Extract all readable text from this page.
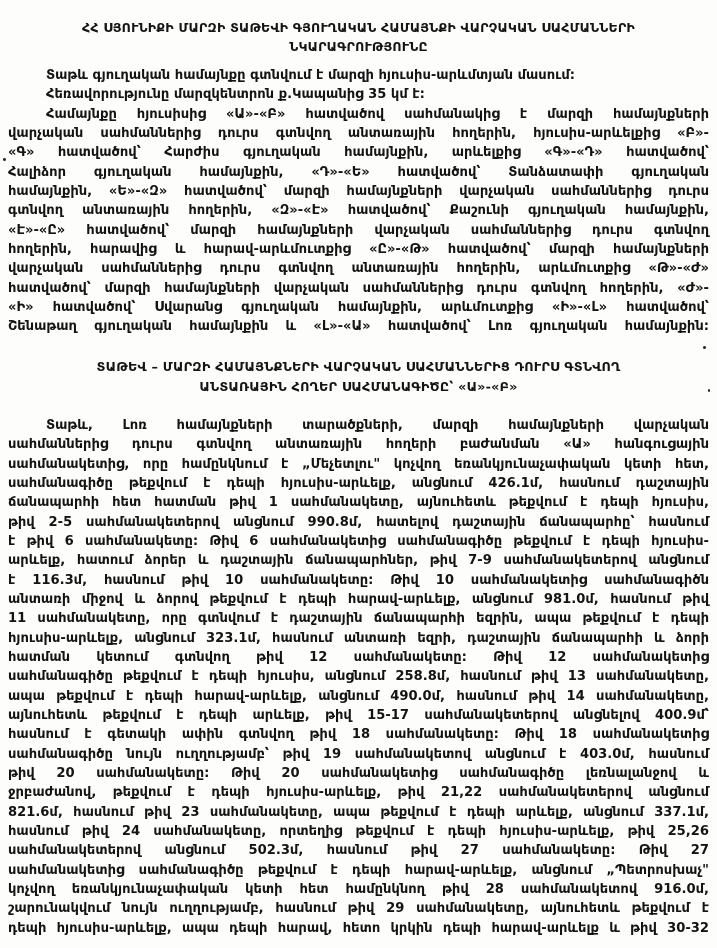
ՀՀ ՍՅՈՒՆԻՔԻ ՄԱՐԶԻ ՏԱԹԵՎԻ ԳՅՈՒՂԱԿԱՆ ՀԱՄԱՅՆՔԻ ՎԱՐՉԱԿԱՆ ՍԱՀՄԱՆՆԵՐԻ
ՆԿԱՐԱԳՐՈՒԹՅՈՒՆԸ
Տաթև գյուղական համայնքը գտնվում է մարզի հյուսիս-արևմտյան մասում:
Հեռավորությունը մարզկենտրոն ք.Կապանից 35 կմ է:
Համայնքը հյուսիսից «Ա»-«Բ» հատվածով սահմանակից է մարզի համայնքների
վարչական սահմաններից դուրս գտնվող անտառային հողերին, հյուսիս-արևելքից «Բ»-
«Գ» հատվածով՝ Հարժիս գյուղական համայնքին, արևելքից «Գ»-«Դ» հատվածով՝
Հալիձոր գյուղական համայնքին, «Դ»-«Ե» հատվածով՝ Տանձատափի գյուղական
համայնքին, «Ե»-«Զ» հատվածով՝ մարզի համայնքների վարչական սահմաններից դուրս
գտնվող անտառային հողերին, «Զ»-«Է» հատվածով՝ Քաշունի գյուղական համայնքին,
«Է»-«Ը» հատվածով՝ մարզի համայնքների վարչական սահմաններից դուրս գտնվող
հողերին, հարավից և հարավ-արևմուտքից «Ը»-«Թ» հատվածով՝ մարզի համայնքների
վարչական սահմաններից դուրս գտնվող անտառային հողերին, արևմուտքից «Թ»-«Ժ»
հատվածով՝ մարզի համայնքների վարչական սահմաններից դուրս գտնվող հողերին, «Ժ»-
«Ի» հատվածով՝ Սվարանց գյուղական համայնքին, արևմուտքից «Ի»-«Լ» հատվածով՝
Շենաթաղ գյուղական համայնքին և «Լ»-«Ա» հատվածով՝ Լոռ գյուղական համայնքին:
ՏԱԹԵՎ – ՄԱՐԶԻ ՀԱՄԱՅՆՔՆԵՐԻ ՎԱՐՉԱԿԱՆ ՍԱՀՄԱՆՆԵՐԻՑ ԴՈՒՐՍ ԳՏՆՎՈՂ
ԱՆՏԱՌԱՅԻՆ ՀՈՂԵՐ ՍԱՀՄԱՆԱԳԻԾԸ՝ «Ա»-«Բ»
Տաթև, Լոռ համայնքների տարածքների, մարզի համայնքների վարչական
սահմաններից դուրս գտնվող անտառային հողերի բաժանման «Ա» հանգուցային
սահմանակետից, որը համընկնում է „Մեչետլու" կոչվող եռանկյունաչափական կետի հետ,
սահմանագիծը թեքվում է դեպի հյուսիս-արևելք, անցնում 426.1մ, հասնում դաշտային
ճանապարհի հետ հատման թիվ 1 սահմանակետը, այնուհետև թեքվում է դեպի հյուսիս,
թիվ 2-5 սահմանակետերով անցնում 990.8մ, հատելով դաշտային ճանապարհը՝ հասնում
է թիվ 6 սահմանակետը: Թիվ 6 սահմանակետից սահմանագիծը թեքվում է դեպի հյուսիս-
արևելք, հատում ձորեր և դաշտային ճանապարհներ, թիվ 7-9 սահմանակետերով անցնում
է 116.3մ, հասնում թիվ 10 սահմանակետը: Թիվ 10 սահմանակետից սահմանագիծն
անտառի միջով և ձորով թեքվում է դեպի հարավ-արևելք, անցնում 981.0մ, հասնում թիվ
11 սահմանակետը, որը գտնվում է դաշտային ճանապարհի եզրին, ապա թեքվում է դեպի
հյուսիս-արևելք, անցնում 323.1մ, հասնում անտառի եզրի, դաշտային ճանապարհի և ձորի
հատման կետում գտնվող թիվ 12 սահմանակետը: Թիվ 12 սահմանակետից
սահմանագիծը թեքվում է դեպի հյուսիս, անցնում 258.8մ, հասնում թիվ 13 սահմանակետը,
ապա թեքվում է դեպի հարավ-արևելք, անցնում 490.0մ, հասնում թիվ 14 սահմանակետը,
այնուհետև թեքվում է դեպի արևելք, թիվ 15-17 սահմանակետերով անցնելով 400.9մ՝
հասնում է գետակի ափին գտնվող թիվ 18 սահմանակետը: Թիվ 18 սահմանակետից
սահմանագիծը նույն ուղղությամբ՝ թիվ 19 սահմանակետով անցնում է 403.0մ, հասնում
թիվ 20 սահմանակետը: Թիվ 20 սահմանակետից սահմանագիծը լեռնալանջով և
ջրբաժանով, թեքվում է դեպի հյուսիս-արևելք, թիվ 21,22 սահմանակետերով անցնում
821.6մ, հասնում թիվ 23 սահմանակետը, ապա թեքվում է դեպի արևելք, անցնում 337.1մ,
հասնում թիվ 24 սահմանակետը, որտեղից թեքվում է դեպի հյուսիս-արևելք, թիվ 25,26
սահմանակետերով անցնում 502.3մ, հասնում թիվ 27 սահմանակետը: Թիվ 27
սահմանակետից սահմանագիծը թեքվում է դեպի հարավ-արևելք, անցնում „Պետրոսխաչ"
կոչվող եռանկյունաչափական կետի հետ համընկնող թիվ 28 սահմանակետով 916.0մ,
շարունակվում նույն ուղղությամբ, հասնում թիվ 29 սահմանակետը, այնուհետև թեքվում է
դեպի հյուսիս-արևելք, ապա դեպի հարավ, հետո կրկին դեպի հարավ-արևելք և թիվ 30-32
